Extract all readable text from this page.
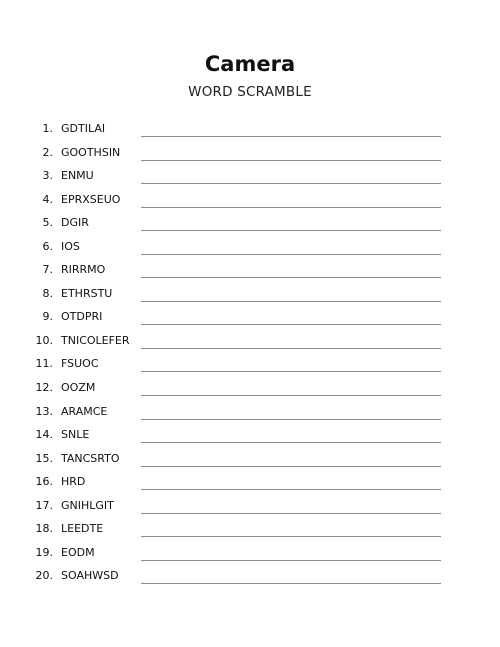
Camera
WORD SCRAMBLE
1. GDTILAI
2. GOOTHSIN
3. ENMU
4. EPRXSEUO
5. DGIR
6. IOS
7. RIRRMO
8. ETHRSTU
9. OTDPRI
10. TNICOLEFER
11. FSUOC
12. OOZM
13. ARAMCE
14. SNLE
15. TANCSRTO
16. HRD
17. GNIHLGIT
18. LEEDTE
19. EODM
20. SOAHWSD
